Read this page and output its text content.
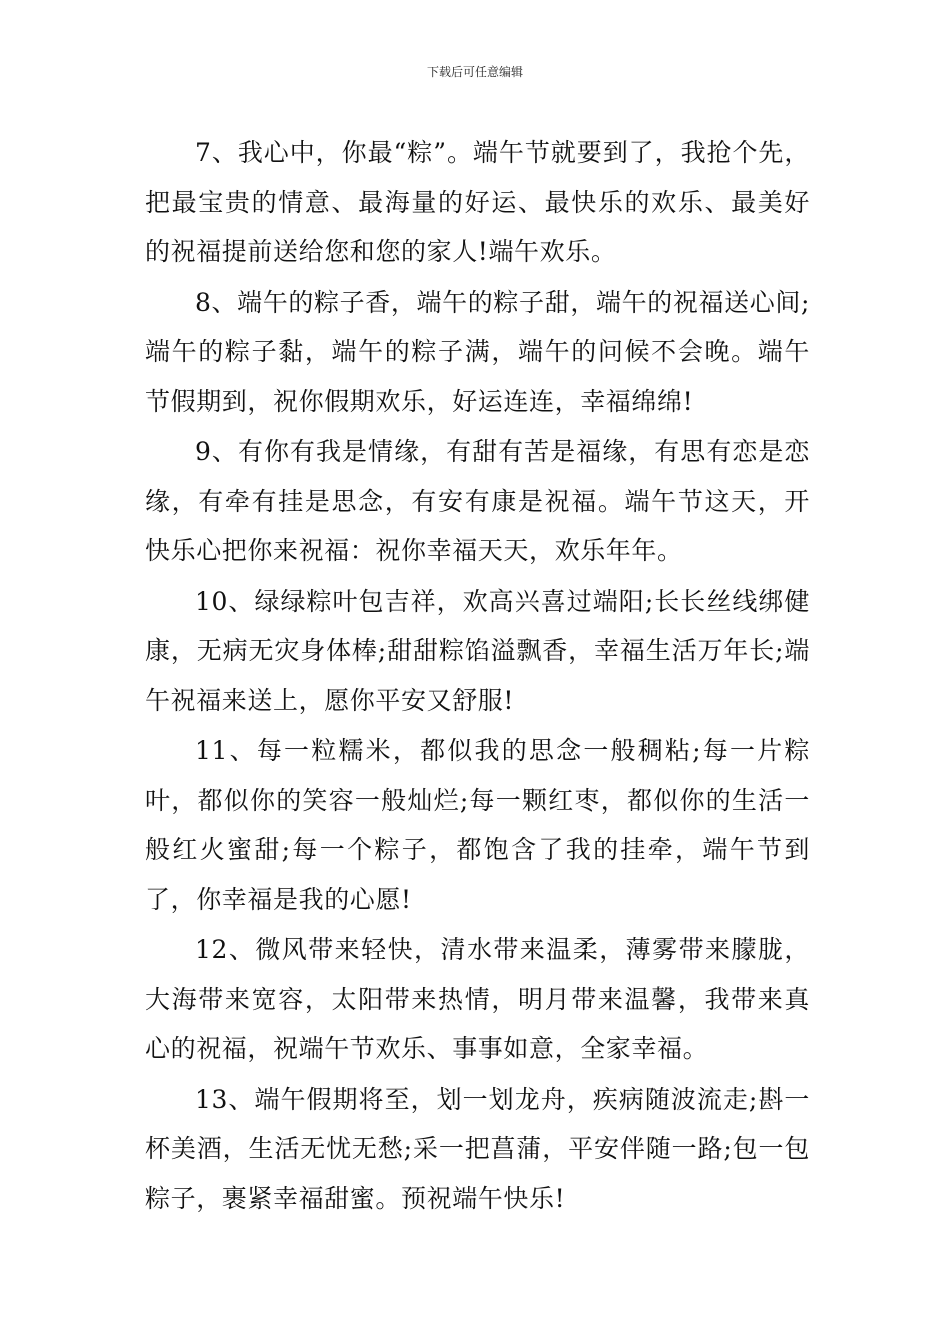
下载后可任意编辑

7、我心中，你最“粽”。端午节就要到了，我抢个先，把最宝贵的情意、最海量的好运、最快乐的欢乐、最美好的祝福提前送给您和您的家人!端午欢乐。

8、端午的粽子香，端午的粽子甜，端午的祝福送心间;端午的粽子黏，端午的粽子满，端午的问候不会晚。端午节假期到，祝你假期欢乐，好运连连，幸福绵绵!

9、有你有我是情缘，有甜有苦是福缘，有思有恋是恋缘，有牵有挂是思念，有安有康是祝福。端午节这天，开快乐心把你来祝福：祝你幸福天天，欢乐年年。

10、绿绿粽叶包吉祥，欢高兴喜过端阳;长长丝线绑健康，无病无灾身体棒;甜甜粽馅溢飘香，幸福生活万年长;端午祝福来送上，愿你平安又舒服!

11、每一粒糯米，都似我的思念一般稠粘;每一片粽叶，都似你的笑容一般灿烂;每一颗红枣，都似你的生活一般红火蜜甜;每一个粽子，都饱含了我的挂牵，端午节到了，你幸福是我的心愿!

12、微风带来轻快，清水带来温柔，薄雾带来朦胧，大海带来宽容，太阳带来热情，明月带来温馨，我带来真心的祝福，祝端午节欢乐、事事如意，全家幸福。

13、端午假期将至，划一划龙舟，疾病随波流走;斟一杯美酒，生活无忧无愁;采一把菖蒲，平安伴随一路;包一包粽子，裹紧幸福甜蜜。预祝端午快乐!
